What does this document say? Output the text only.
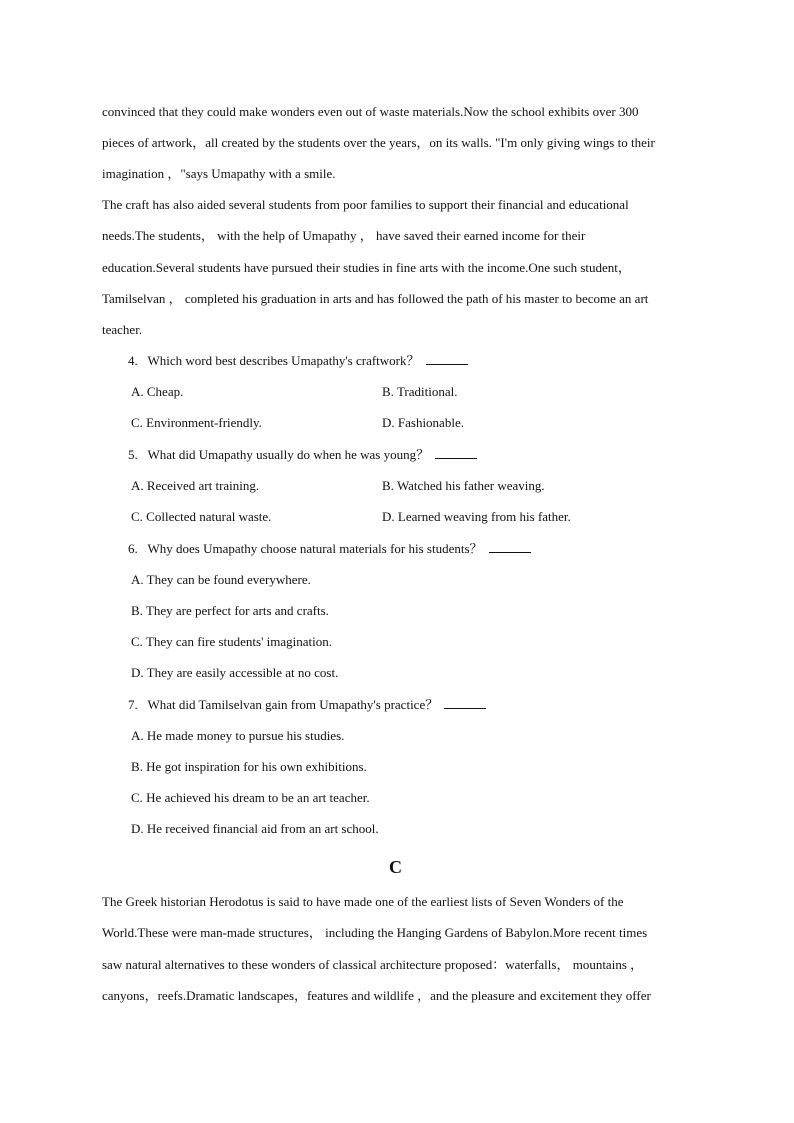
convinced that they could make wonders even out of waste materials.Now the school exhibits over 300
pieces of artwork，all created by the students over the years，on its walls. "I'm only giving wings to their
imagination ，"says Umapathy with a smile.
The craft has also aided several students from poor families to support their financial and educational
needs.The students， with the help of Umapathy ， have saved their earned income for their
education.Several students have pursued their studies in fine arts with the income.One such student，
Tamilselvan ， completed his graduation in arts and has followed the path of his master to become an art
teacher.
4. Which word best describes Umapathy's craftwork？
A. Cheap.	B. Traditional.
C. Environment-friendly.	D. Fashionable.
5. What did Umapathy usually do when he was young？
A. Received art training.	B. Watched his father weaving.
C. Collected natural waste.	D. Learned weaving from his father.
6. Why does Umapathy choose natural materials for his students？
A. They can be found everywhere.
B. They are perfect for arts and crafts.
C. They can fire students' imagination.
D. They are easily accessible at no cost.
7. What did Tamilselvan gain from Umapathy's practice？
A. He made money to pursue his studies.
B. He got inspiration for his own exhibitions.
C. He achieved his dream to be an art teacher.
D. He received financial aid from an art school.
C
The Greek historian Herodotus is said to have made one of the earliest lists of Seven Wonders of the
World.These were man-made structures， including the Hanging Gardens of Babylon.More recent times
saw natural alternatives to these wonders of classical architecture proposed：waterfalls， mountains ，
canyons，reefs.Dramatic landscapes，features and wildlife ，and the pleasure and excitement they offer
